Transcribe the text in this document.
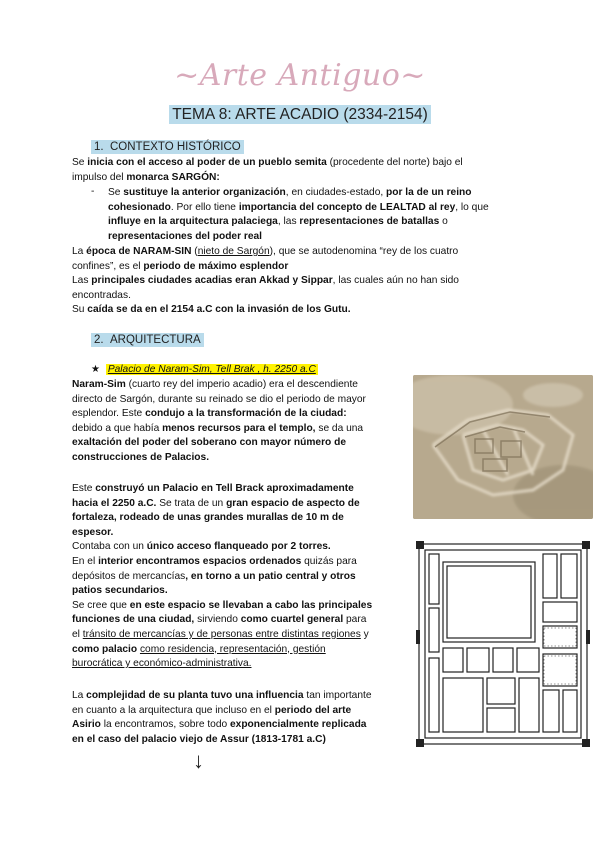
~Arte Antiguo~
TEMA 8: ARTE ACADIO (2334-2154)
1. CONTEXTO HISTÓRICO
Se inicia con el acceso al poder de un pueblo semita (procedente del norte) bajo el
impulso del monarca SARGÓN:
- Se sustituye la anterior organización, en ciudades-estado, por la de un reino
cohesionado. Por ello tiene importancia del concepto de LEALTAD al rey, lo que
influye en la arquitectura palaciega, las representaciones de batallas o
representaciones del poder real
La época de NARAM-SIN (nieto de Sargón), que se autodenomina “rey de los cuatro
confines”, es el periodo de máximo esplendor
Las principales ciudades acadias eran Akkad y Sippar, las cuales aún no han sido
encontradas.
Su caída se da en el 2154 a.C con la invasión de los Gutu.
2. ARQUITECTURA
★ Palacio de Naram-Sim, Tell Brak , h. 2250 a.C
Naram-Sim (cuarto rey del imperio acadio) era el descendiente
directo de Sargón, durante su reinado se dio el periodo de mayor
esplendor. Este condujo a la transformación de la ciudad:
debido a que había menos recursos para el templo, se da una
exaltación del poder del soberano con mayor número de
construcciones de Palacios.
Este construyó un Palacio en Tell Brack aproximadamente
hacia el 2250 a.C. Se trata de un gran espacio de aspecto de
fortaleza, rodeado de unas grandes murallas de 10 m de
espesor.
Contaba con un único acceso flanqueado por 2 torres.
En el interior encontramos espacios ordenados quizás para
depósitos de mercancías, en torno a un patio central y otros
patios secundarios.
Se cree que en este espacio se llevaban a cabo las principales
funciones de una ciudad, sirviendo como cuartel general para
el tránsito de mercancías y de personas entre distintas regiones y
como palacio como residencia, representación, gestión
burocrática y económico-administrativa.
La complejidad de su planta tuvo una influencia tan importante
en cuanto a la arquitectura que incluso en el periodo del arte
Asirio la encontramos, sobre todo exponencialmente replicada
en el caso del palacio viejo de Assur (1813-1781 a.C)
↓
